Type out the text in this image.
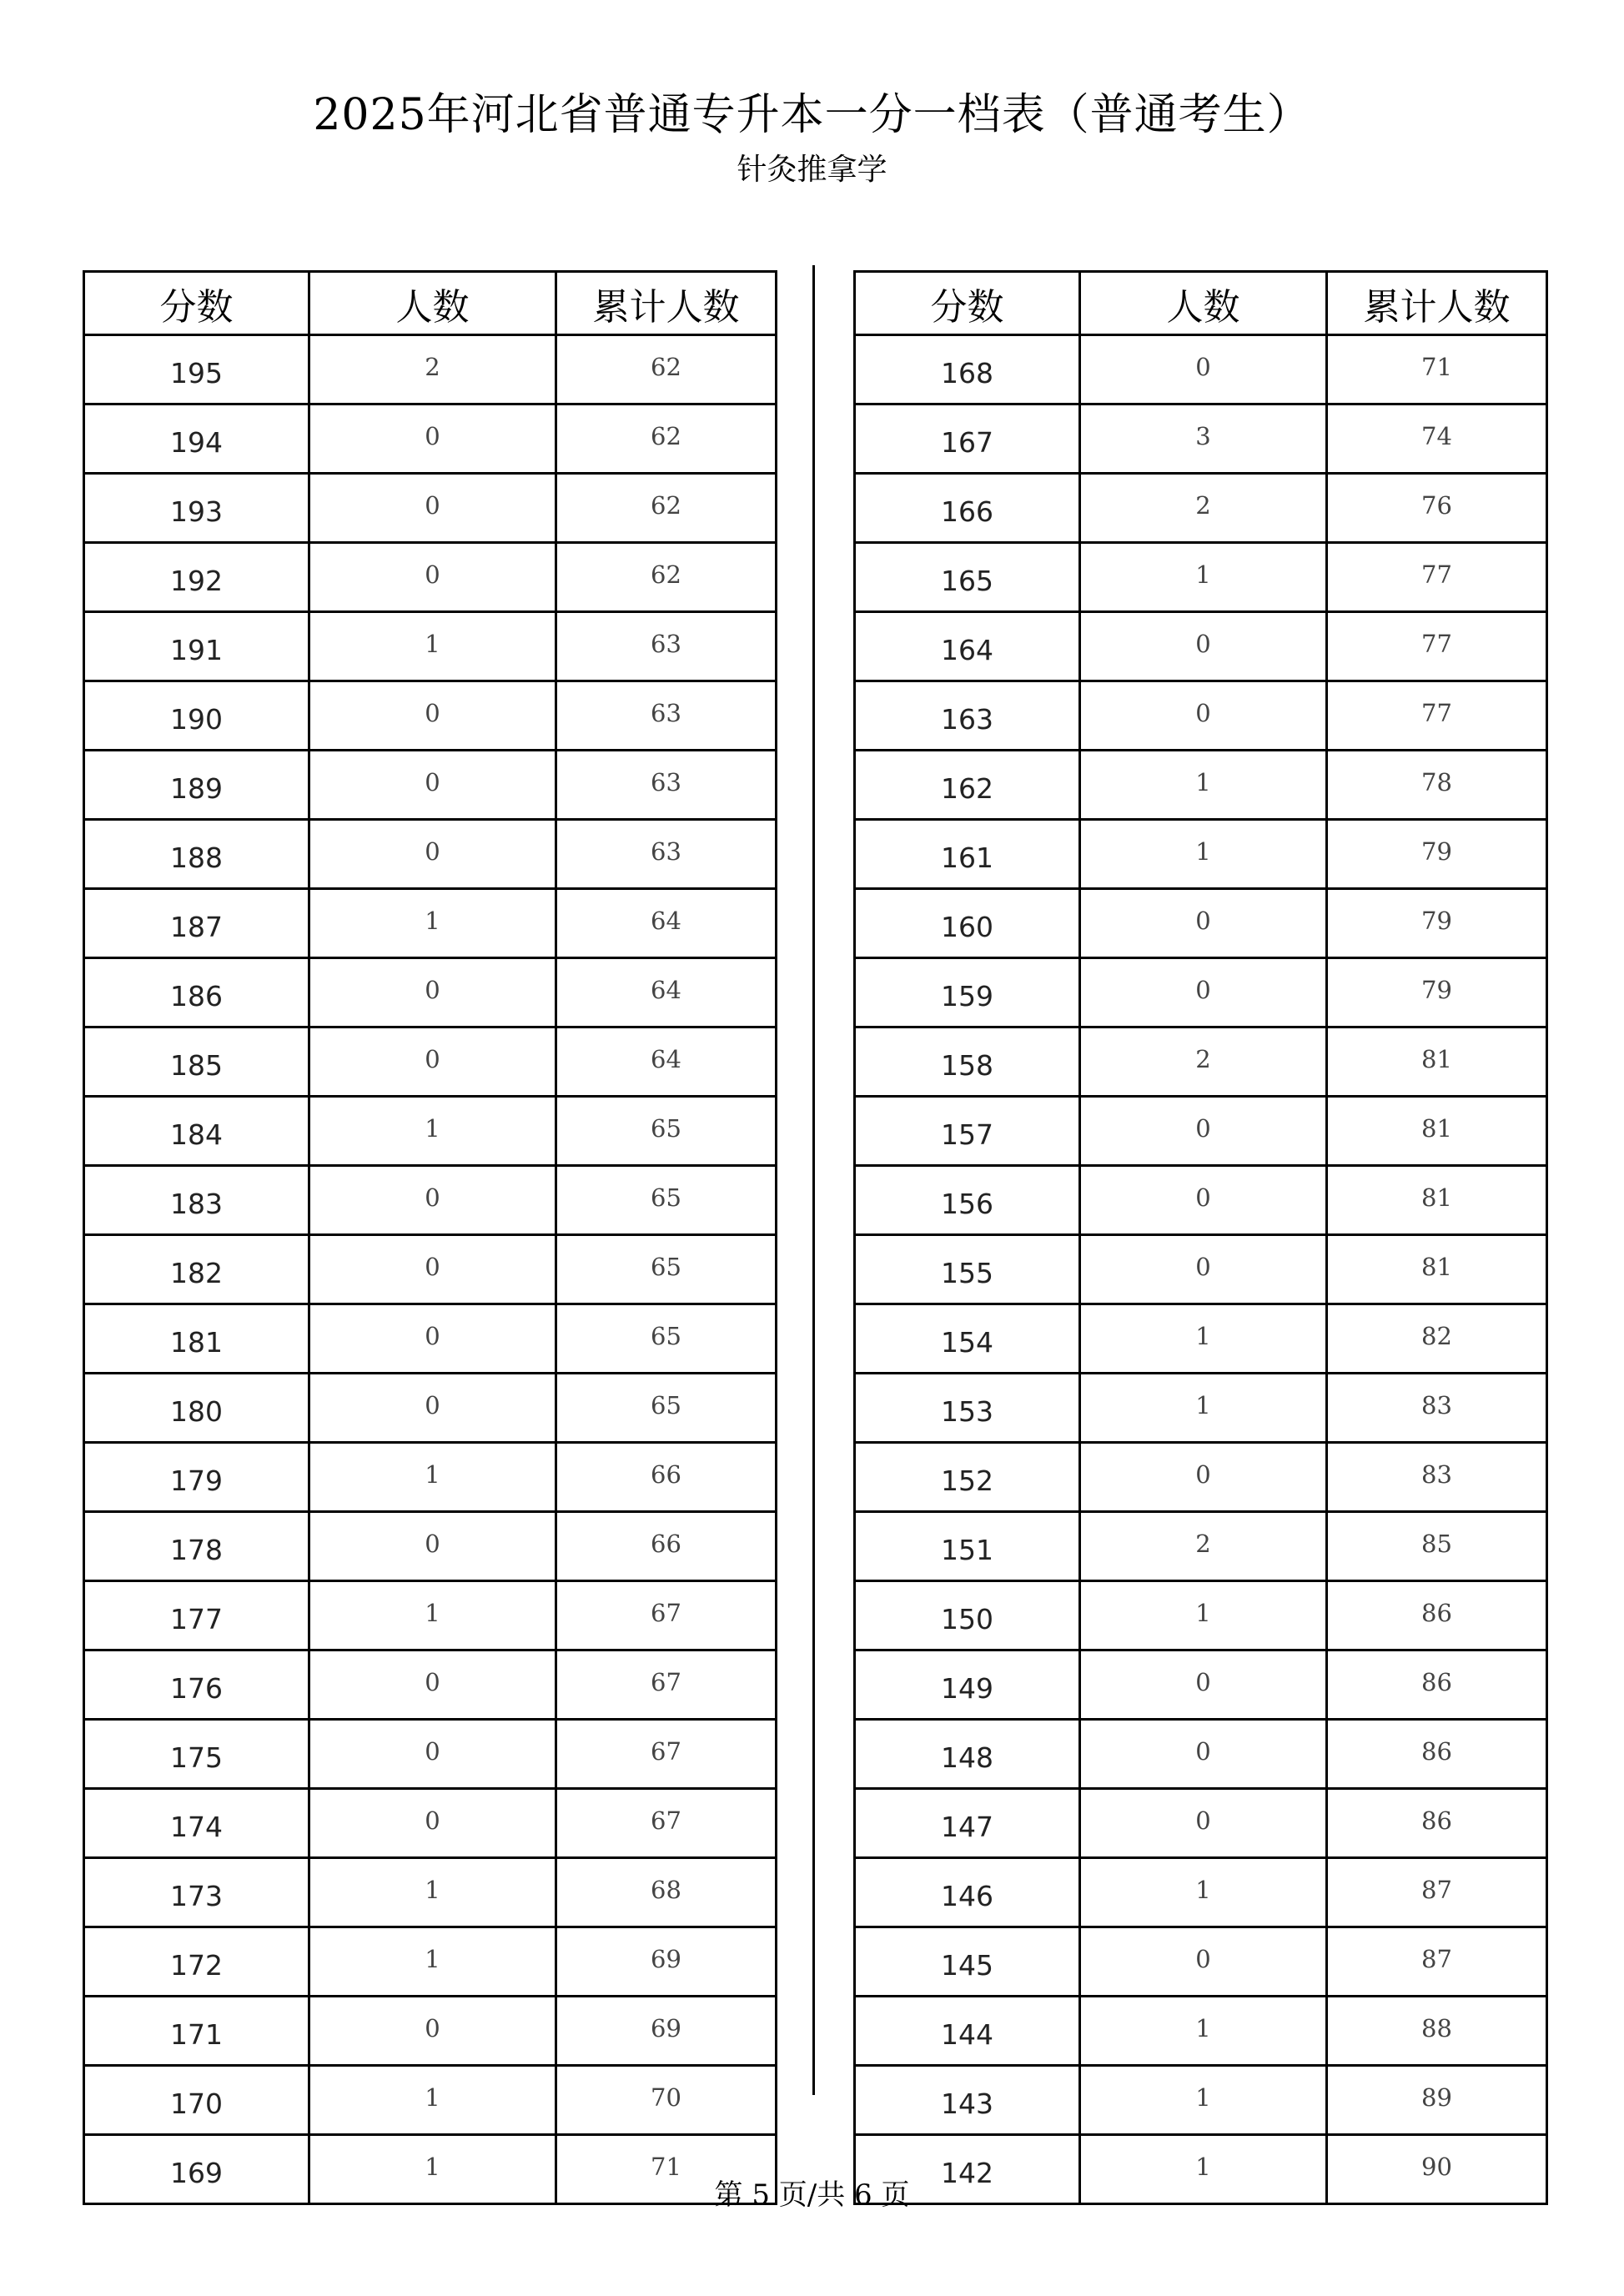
2025年河北省普通专升本一分一档表（普通考生）
针灸推拿学
分数	人数	累计人数
195	2	62
194	0	62
193	0	62
192	0	62
191	1	63
190	0	63
189	0	63
188	0	63
187	1	64
186	0	64
185	0	64
184	1	65
183	0	65
182	0	65
181	0	65
180	0	65
179	1	66
178	0	66
177	1	67
176	0	67
175	0	67
174	0	67
173	1	68
172	1	69
171	0	69
170	1	70
169	1	71
分数	人数	累计人数
168	0	71
167	3	74
166	2	76
165	1	77
164	0	77
163	0	77
162	1	78
161	1	79
160	0	79
159	0	79
158	2	81
157	0	81
156	0	81
155	0	81
154	1	82
153	1	83
152	0	83
151	2	85
150	1	86
149	0	86
148	0	86
147	0	86
146	1	87
145	0	87
144	1	88
143	1	89
142	1	90
第 5 页/共 6 页
